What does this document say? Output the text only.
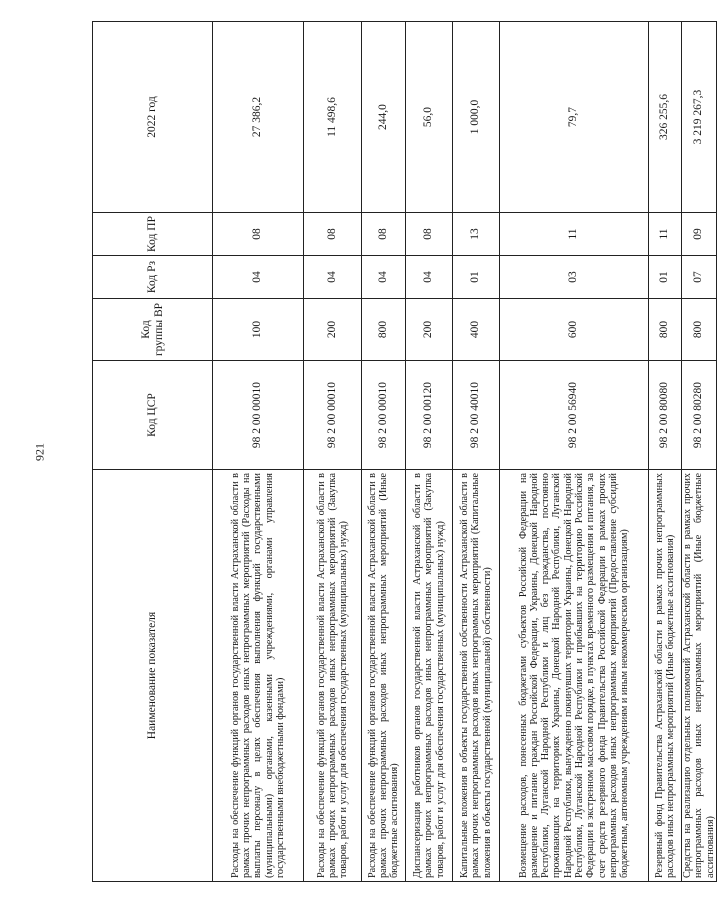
921
Наименование показателя	Код ЦСР	Код группы ВР	Код Рз	Код ПР	2022 год
Расходы на обеспечение функций органов государственной власти Астраханской области в рамках прочих непрограммных расходов иных непрограммных мероприятий (Расходы на выплаты персоналу в целях обеспечения выполнения функций государственными (муниципальными) органами, казенными учреждениями, органами управления государственными внебюджетными фондами)	98 2 00 00010	100	04	08	27 386,2
Расходы на обеспечение функций органов государственной власти Астраханской области в рамках прочих непрограммных расходов иных непрограммных мероприятий (Закупка товаров, работ и услуг для обеспечения государственных (муниципальных) нужд)	98 2 00 00010	200	04	08	11 498,6
Расходы на обеспечение функций органов государственной власти Астраханской области в рамках прочих непрограммных расходов иных непрограммных мероприятий (Иные бюджетные ассигнования)	98 2 00 00010	800	04	08	244,0
Диспансеризация работников органов государственной власти Астраханской области в рамках прочих непрограммных расходов иных непрограммных мероприятий (Закупка товаров, работ и услуг для обеспечения государственных (муниципальных) нужд)	98 2 00 00120	200	04	08	56,0
Капитальные вложения в объекты государственной собственности Астраханской области в рамках прочих непрограммных расходов иных непрограммных мероприятий (Капитальные вложения в объекты государственной (муниципальной) собственности)	98 2 00 40010	400	01	13	1 000,0
Возмещение расходов, понесенных бюджетами субъектов Российской Федерации на размещение и питание граждан Российской Федерации, Украины, Донецкой Народной Республики, Луганской Народной Республики и лиц без гражданства, постоянно проживающих на территориях Украины, Донецкой Народной Республики, Луганской Народной Республики, вынужденно покинувших территории Украины, Донецкой Народной Республики, Луганской Народной Республики и прибывших на территорию Российской Федерации в экстренном массовом порядке, в пунктах временного размещения и питания, за счет средств резервного фонда Правительства Российской Федерации в рамках прочих непрограммных расходов иных непрограммных мероприятий (Предоставление субсидий бюджетным, автономным учреждениям и иным некоммерческим организациям)	98 2 00 56940	600	03	11	79,7
Резервный фонд Правительства Астраханской области в рамках прочих непрограммных расходов иных непрограммных мероприятий (Иные бюджетные ассигнования)	98 2 00 80080	800	01	11	326 255,6
Средства на реализацию отдельных полномочий Астраханской области в рамках прочих непрограммных расходов иных непрограммных мероприятий (Иные бюджетные ассигнования)	98 2 00 80280	800	07	09	3 219 267,3
